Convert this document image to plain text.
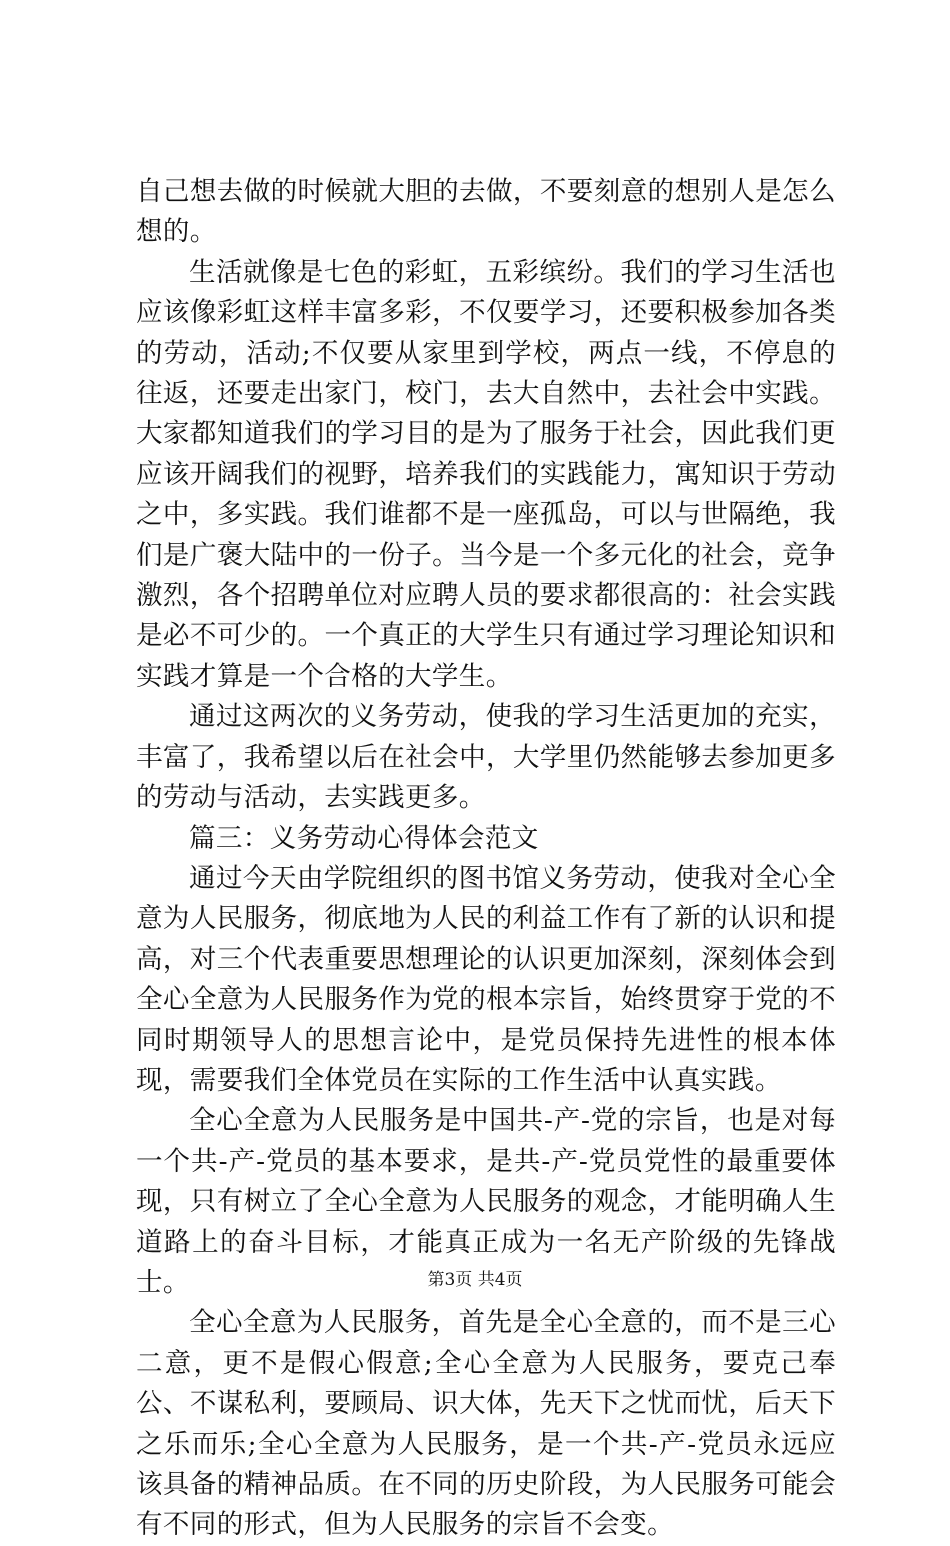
自己想去做的时候就大胆的去做，不要刻意的想别人是怎么想的。

生活就像是七色的彩虹，五彩缤纷。我们的学习生活也应该像彩虹这样丰富多彩，不仅要学习，还要积极参加各类的劳动，活动;不仅要从家里到学校，两点一线，不停息的往返，还要走出家门，校门，去大自然中，去社会中实践。大家都知道我们的学习目的是为了服务于社会，因此我们更应该开阔我们的视野，培养我们的实践能力，寓知识于劳动之中，多实践。我们谁都不是一座孤岛，可以与世隔绝，我们是广褒大陆中的一份子。当今是一个多元化的社会，竞争激烈，各个招聘单位对应聘人员的要求都很高的：社会实践是必不可少的。一个真正的大学生只有通过学习理论知识和实践才算是一个合格的大学生。

通过这两次的义务劳动，使我的学习生活更加的充实，丰富了，我希望以后在社会中，大学里仍然能够去参加更多的劳动与活动，去实践更多。

篇三：义务劳动心得体会范文

通过今天由学院组织的图书馆义务劳动，使我对全心全意为人民服务，彻底地为人民的利益工作有了新的认识和提高，对三个代表重要思想理论的认识更加深刻，深刻体会到全心全意为人民服务作为党的根本宗旨，始终贯穿于党的不同时期领导人的思想言论中，是党员保持先进性的根本体现，需要我们全体党员在实际的工作生活中认真实践。

全心全意为人民服务是中国共-产-党的宗旨，也是对每一个共-产-党员的基本要求，是共-产-党员党性的最重要体现，只有树立了全心全意为人民服务的观念，才能明确人生道路上的奋斗目标，才能真正成为一名无产阶级的先锋战士。

全心全意为人民服务，首先是全心全意的，而不是三心二意，更不是假心假意;全心全意为人民服务，要克己奉公、不谋私利，要顾局、识大体，先天下之忧而忧，后天下之乐而乐;全心全意为人民服务，是一个共-产-党员永远应该具备的精神品质。在不同的历史阶段，为人民服务可能会有不同的形式，但为人民服务的宗旨不会变。

第3页 共4页
